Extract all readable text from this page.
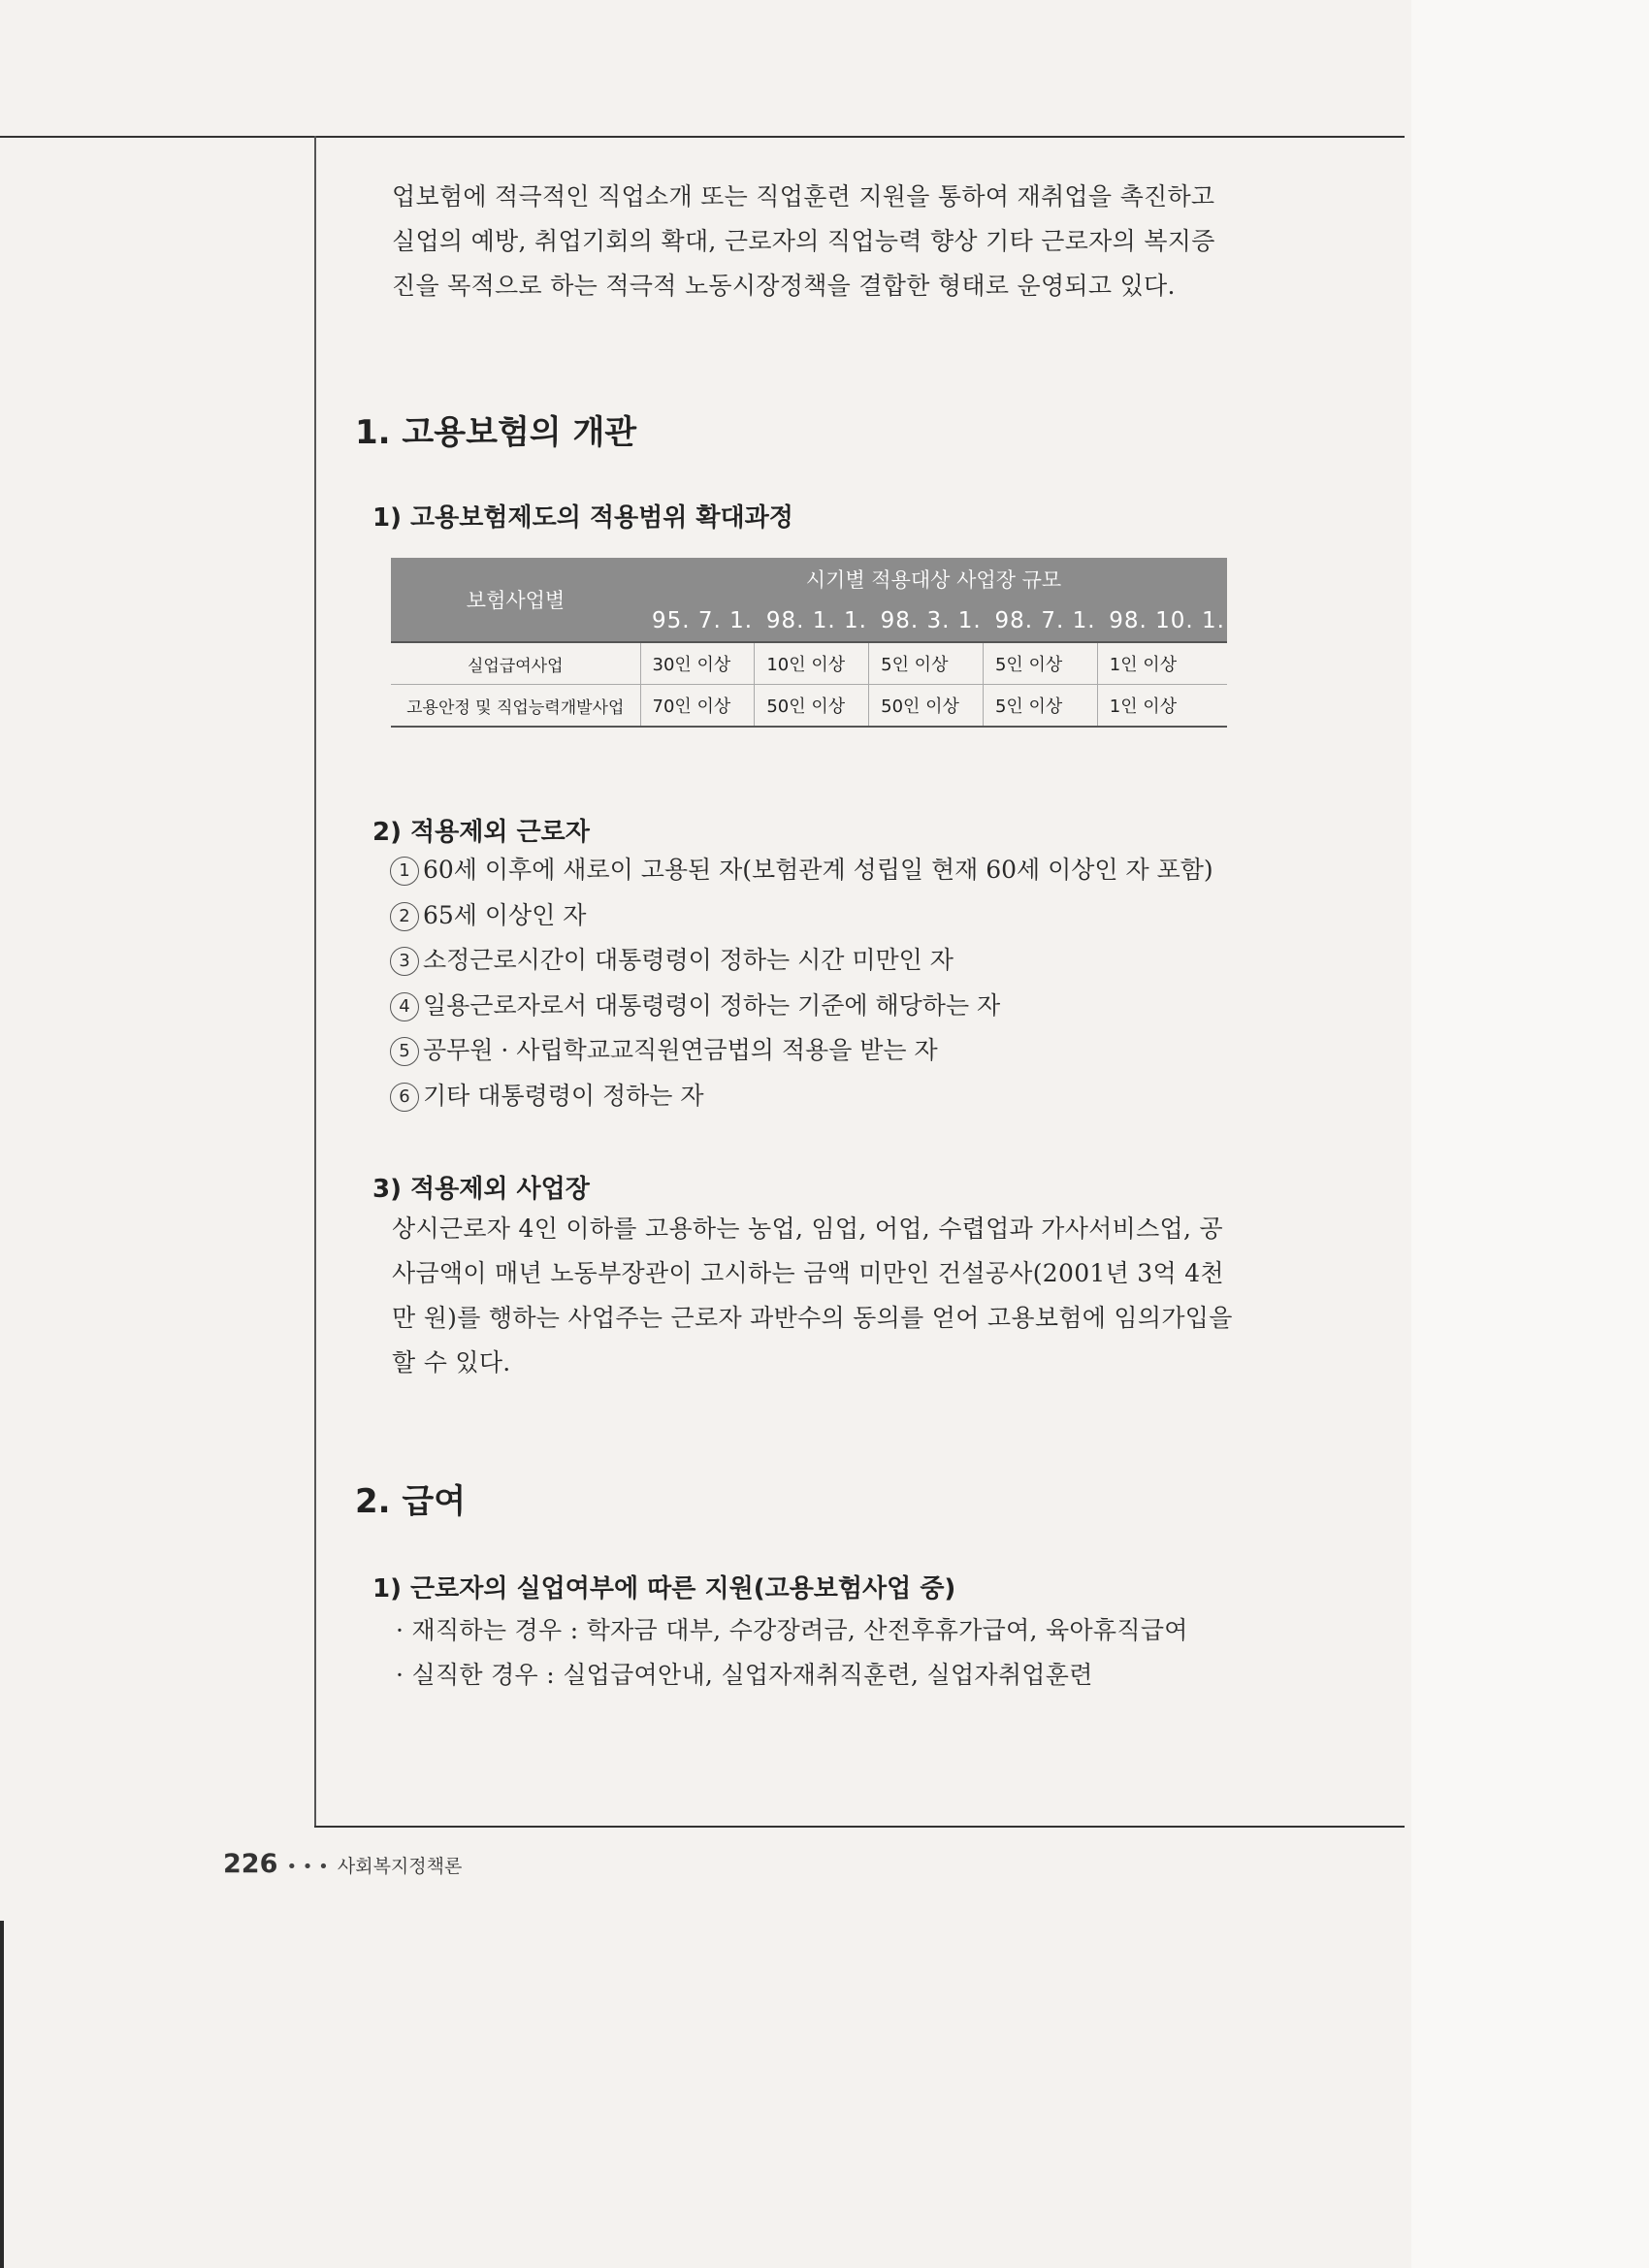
업보험에 적극적인 직업소개 또는 직업훈련 지원을 통하여 재취업을 촉진하고
실업의 예방, 취업기회의 확대, 근로자의 직업능력 향상 기타 근로자의 복지증
진을 목적으로 하는 적극적 노동시장정책을 결합한 형태로 운영되고 있다.
1. 고용보험의 개관
1) 고용보험제도의 적용범위 확대과정
보험사업별	시기별 적용대상 사업장 규모				
	95. 7. 1.	98. 1. 1.	98. 3. 1.	98. 7. 1.	98. 10. 1.
실업급여사업	30인 이상	10인 이상	5인 이상	5인 이상	1인 이상
고용안정 및 직업능력개발사업	70인 이상	50인 이상	50인 이상	5인 이상	1인 이상
2) 적용제외 근로자
1 60세 이후에 새로이 고용된 자(보험관계 성립일 현재 60세 이상인 자 포함)
2 65세 이상인 자
3 소정근로시간이 대통령령이 정하는 시간 미만인 자
4 일용근로자로서 대통령령이 정하는 기준에 해당하는 자
5 공무원 · 사립학교교직원연금법의 적용을 받는 자
6 기타 대통령령이 정하는 자
3) 적용제외 사업장
상시근로자 4인 이하를 고용하는 농업, 임업, 어업, 수렵업과 가사서비스업, 공
사금액이 매년 노동부장관이 고시하는 금액 미만인 건설공사(2001년 3억 4천
만 원)를 행하는 사업주는 근로자 과반수의 동의를 얻어 고용보험에 임의가입을
할 수 있다.
2. 급여
1) 근로자의 실업여부에 따른 지원(고용보험사업 중)
· 재직하는 경우 : 학자금 대부, 수강장려금, 산전후휴가급여, 육아휴직급여
· 실직한 경우 : 실업급여안내, 실업자재취직훈련, 실업자취업훈련
226 • • • 사회복지정책론
